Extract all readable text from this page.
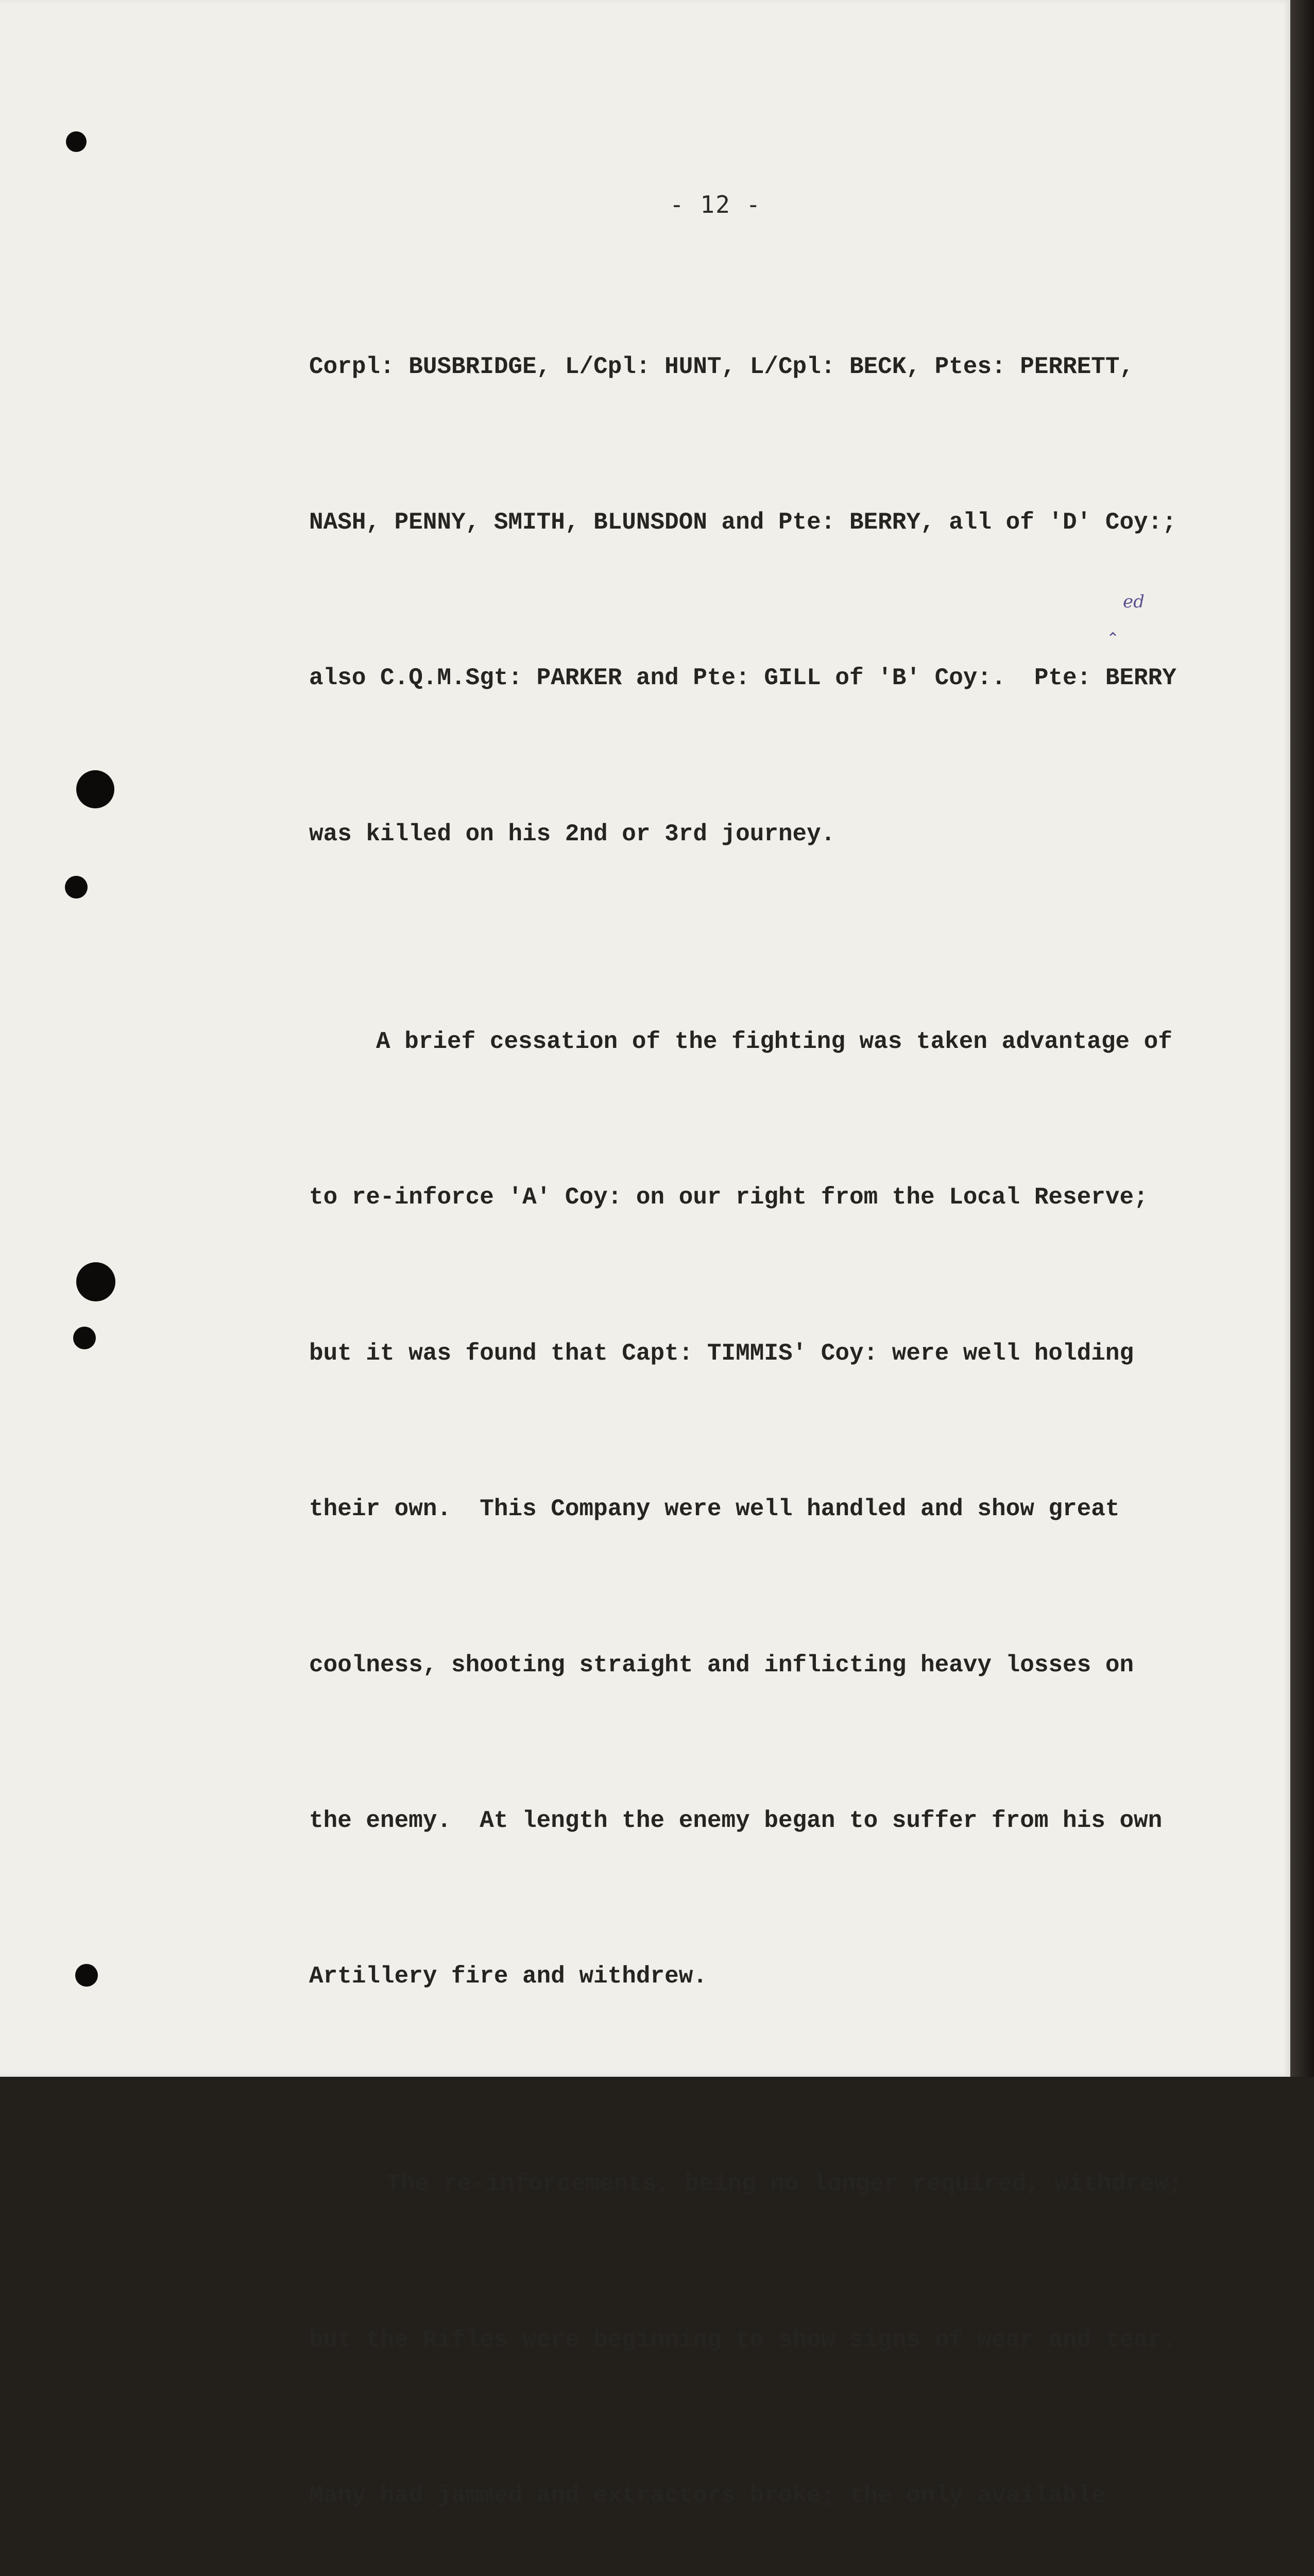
- 12 -

Corpl: BUSBRIDGE, L/Cpl: HUNT, L/Cpl: BECK, Ptes: PERRETT,

NASH, PENNY, SMITH, BLUNSDON and Pte: BERRY, all of 'D' Coy:;

also C.Q.M.Sgt: PARKER and Pte: GILL of 'B' Coy:.  Pte: BERRY

was killed on his 2nd or 3rd journey.

A brief cessation of the fighting was taken advantage of

to re-inforce 'A' Coy: on our right from the Local Reserve;

but it was found that Capt: TIMMIS' Coy: were well holding

their own.  This Company were well handled and show great

coolness, shooting straight and inflicting heavy losses on

the enemy.  At length the enemy began to suffer from his own

Artillery fire and withdrew.

The re-inforcements, being no longer required, withdrew;

but the Rifles were beginning to show signs of wear and tear.

Many had jammed and extractors broke; the only available

ed
⌃
